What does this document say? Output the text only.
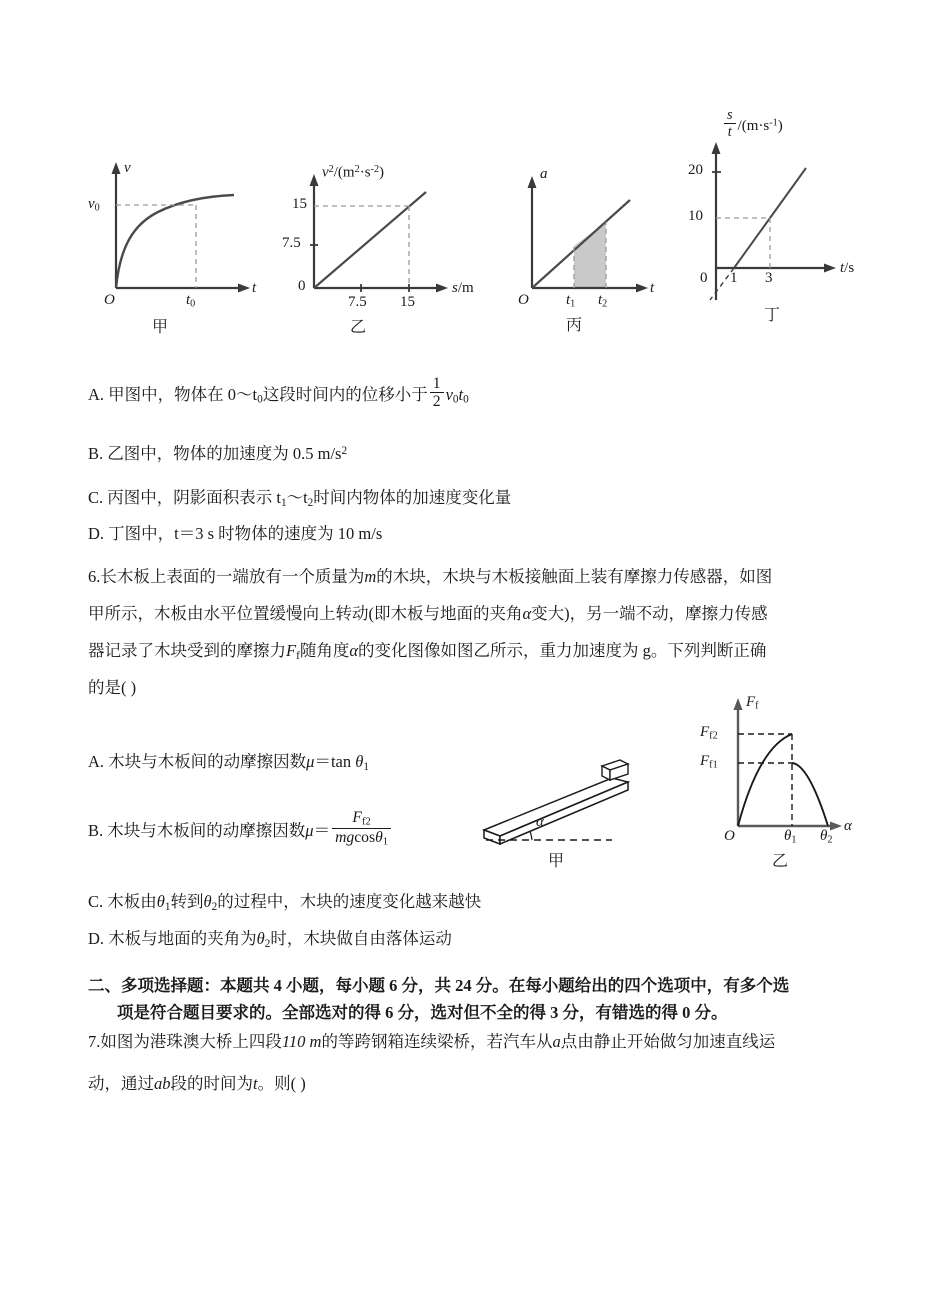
v
t
O
$v_0$
$t_0$
甲
$v^2/(m^2\cdot s^{-2})$
s/m
0
7.5
15
7.5 15
乙
a
t
O $t_1$ $t_2$
丙
$\frac{s}{t} /(m\cdot s^{-1})$
t/s
0
10
20
1 3
丁
A. 甲图中，物体在 $0\sim t_0$这段时间内的位移小于 $\frac{1}{2} v_0t_0$
B. 乙图中，物体的加速度为 0.5 $m/s^2$
C. 丙图中，阴影面积表示 $t_1\sim t_2$时间内物体的加速度变化量
D. 丁图中，t＝3 s 时物体的速度为 10 m/s
6.长木板上表面的一端放有一个质量为m的木块，木块与木板接触面上装有摩擦力传感器，如图
甲所示，木板由水平位置缓慢向上转动(即木板与地面的夹角α变大)，另一端不动，摩擦力传感
器记录了木块受到的摩擦力$F_f$随角度α的变化图像如图乙所示，重力加速度为 g。下列判断正确
的是( )
A. 木块与木板间的动摩擦因数μ＝tan $\theta_1$
B. 木块与木板间的动摩擦因数$\mu= \frac{F_{f2}}{mgcos\theta_1}$	α
甲
$F_f$
α
O
$F_{f2}$
$F_{f1}$
$\theta_1$ $\theta_2$
乙
C. 木板由$\theta_1$转到$\theta_2$的过程中，木块的速度变化越来越快
D. 木板与地面的夹角为$\theta_2$时，木块做自由落体运动
二、多项选择题：本题共 4 小题，每小题 6 分，共 24 分。在每小题给出的四个选项中，有多个选
项是符合题目要求的。全部选对的得 6 分，选对但不全的得 3 分，有错选的得 0 分。
7.如图为港珠澳大桥上四段110 m的等跨钢箱连续梁桥，若汽车从a点由静止开始做匀加速直线运
动，通过ab段的时间为t。则( )
